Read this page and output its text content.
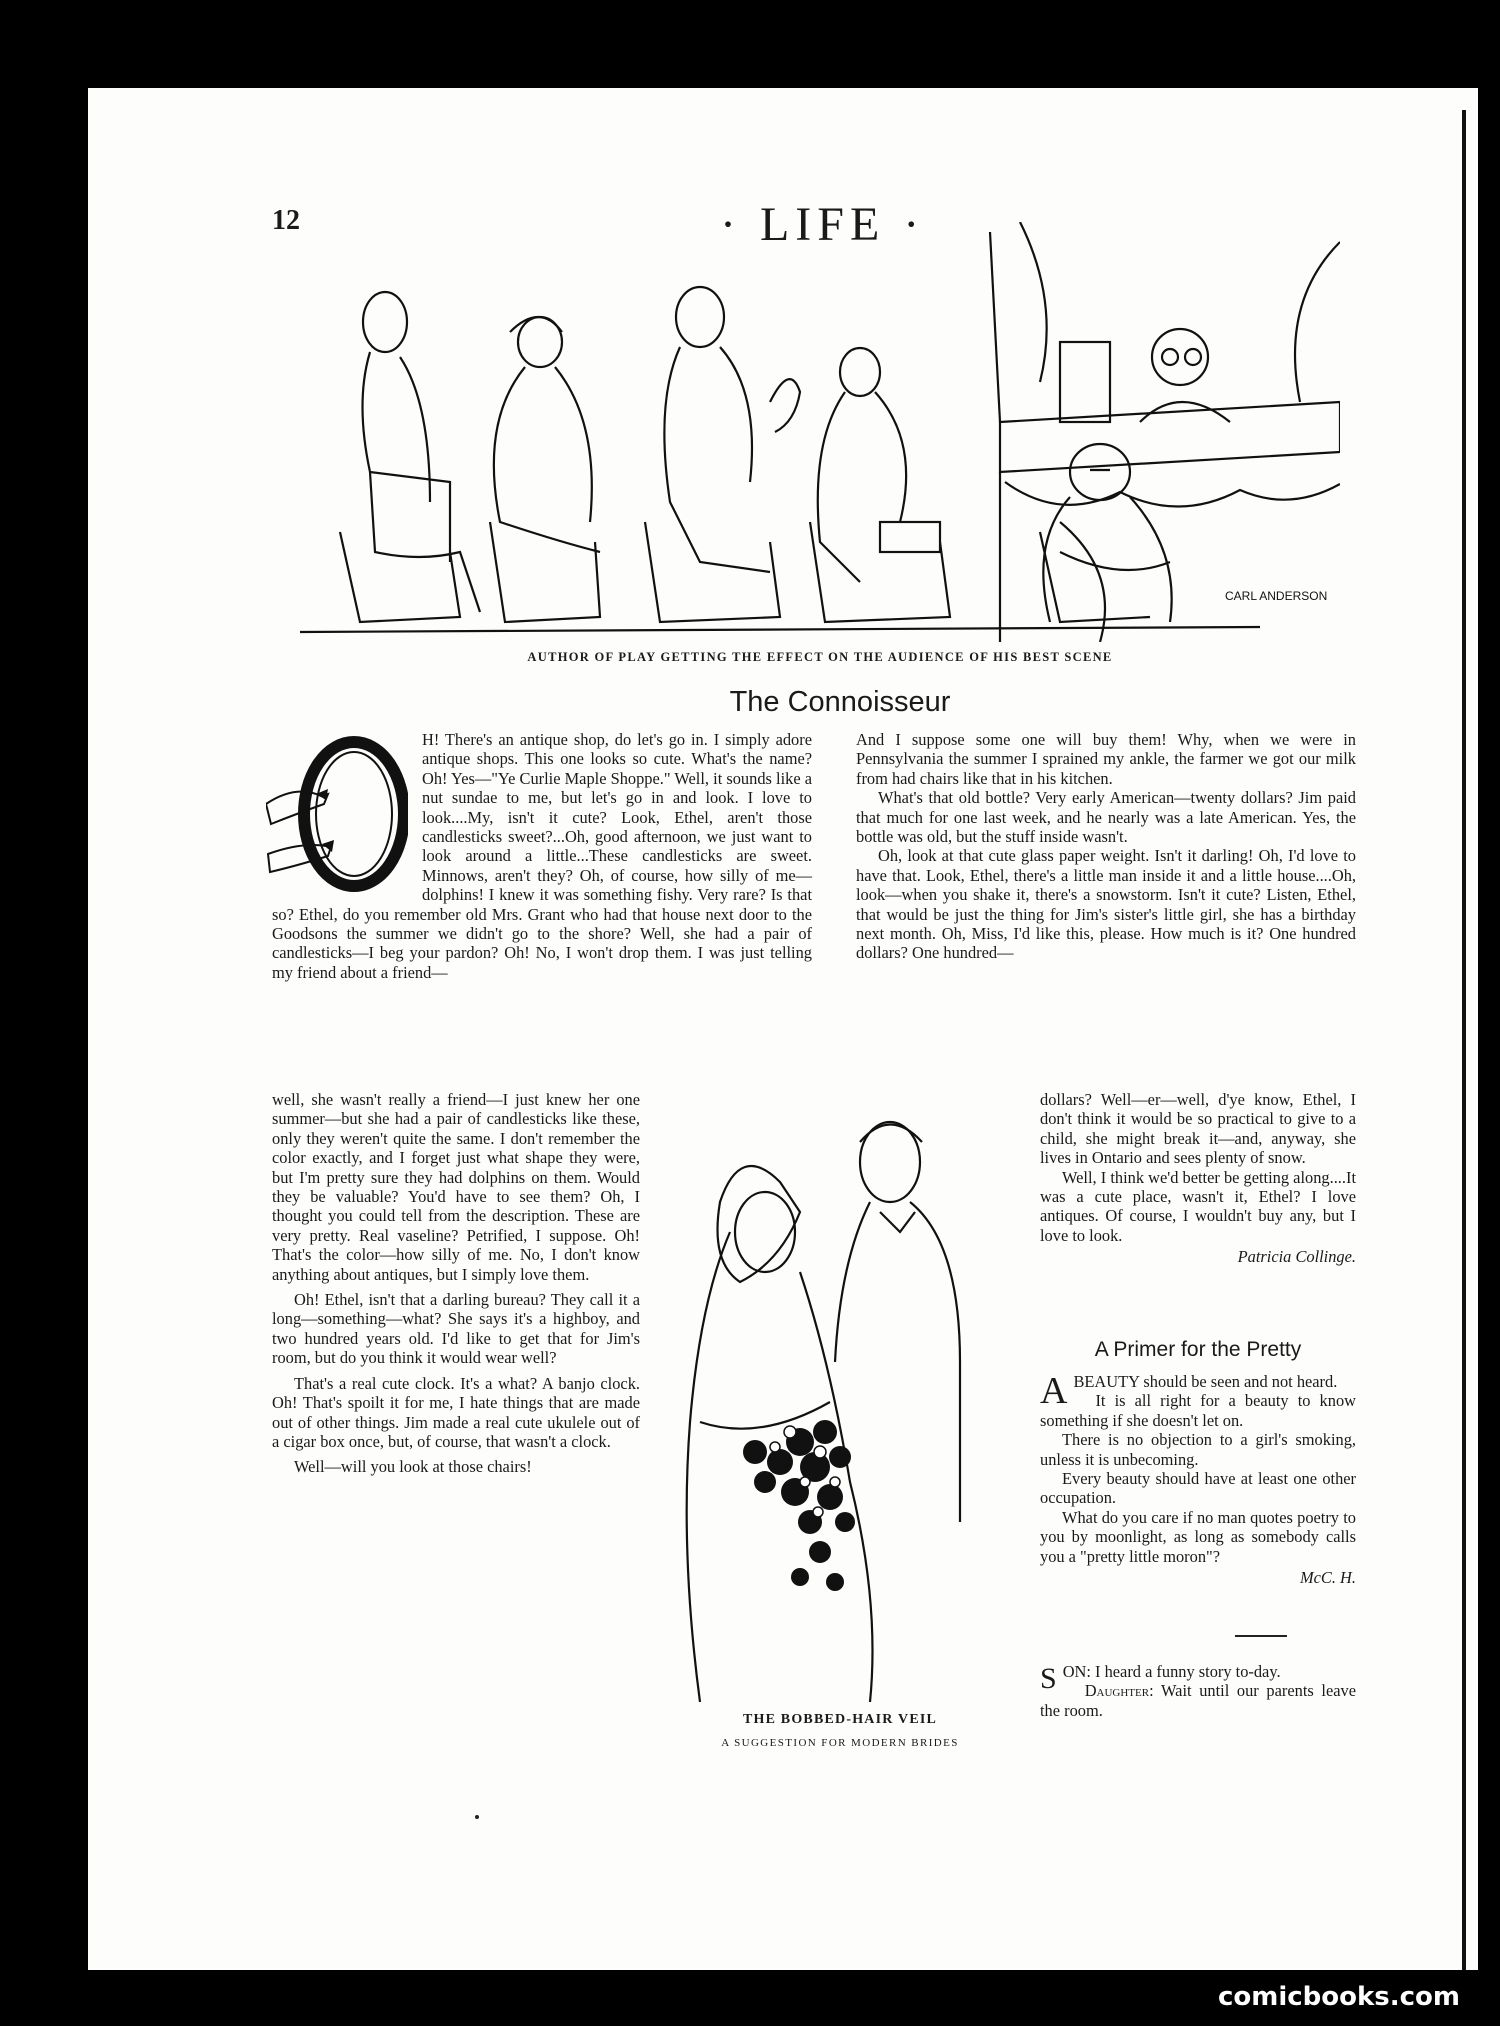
12	· LIFE ·
CARL ANDERSON
AUTHOR OF PLAY GETTING THE EFFECT ON THE AUDIENCE OF HIS BEST SCENE
The Connoisseur

H! There's an antique shop, do let's go in. I simply adore antique shops. This one looks so cute. What's the name? Oh! Yes—"Ye Curlie Maple Shoppe." Well, it sounds like a nut sundae to me, but let's go in and look. I love to look....My, isn't it cute? Look, Ethel, aren't those candlesticks sweet?...Oh, good afternoon, we just want to look around a little...These candlesticks are sweet. Minnows, aren't they? Oh, of course, how silly of me—dolphins! I knew it was something fishy. Very rare? Is that so? Ethel, do you remember old Mrs. Grant who had that house next door to the Goodsons the summer we didn't go to the shore? Well, she had a pair of candlesticks—I beg your pardon? Oh! No, I won't drop them. I was just telling my friend about a friend—

And I suppose some one will buy them! Why, when we were in Pennsylvania the summer I sprained my ankle, the farmer we got our milk from had chairs like that in his kitchen.

What's that old bottle? Very early American—twenty dollars? Jim paid that much for one last week, and he nearly was a late American. Yes, the bottle was old, but the stuff inside wasn't.

Oh, look at that cute glass paper weight. Isn't it darling! Oh, I'd love to have that. Look, Ethel, there's a little man inside it and a little house....Oh, look—when you shake it, there's a snowstorm. Isn't it cute? Listen, Ethel, that would be just the thing for Jim's sister's little girl, she has a birthday next month. Oh, Miss, I'd like this, please. How much is it? One hundred dollars? One hundred—

well, she wasn't really a friend—I just knew her one summer—but she had a pair of candlesticks like these, only they weren't quite the same. I don't remember the color exactly, and I forget just what shape they were, but I'm pretty sure they had dolphins on them. Would they be valuable? You'd have to see them? Oh, I thought you could tell from the description. These are very pretty. Real vaseline? Petrified, I suppose. Oh! That's the color—how silly of me. No, I don't know anything about antiques, but I simply love them.

Oh! Ethel, isn't that a darling bureau? They call it a long—something—what? She says it's a highboy, and two hundred years old. I'd like to get that for Jim's room, but do you think it would wear well?

That's a real cute clock. It's a what? A banjo clock. Oh! That's spoilt it for me, I hate things that are made out of other things. Jim made a real cute ukulele out of a cigar box once, but, of course, that wasn't a clock.

Well—will you look at those chairs!

THE BOBBED-HAIR VEIL
A SUGGESTION FOR MODERN BRIDES

dollars? Well—er—well, d'ye know, Ethel, I don't think it would be so practical to give to a child, she might break it—and, anyway, she lives in Ontario and sees plenty of snow.

Well, I think we'd better be getting along....It was a cute place, wasn't it, Ethel? I love antiques. Of course, I wouldn't buy any, but I love to look.

Patricia Collinge.
A Primer for the Pretty
A BEAUTY should be seen and not heard.

It is all right for a beauty to know something if she doesn't let on.

There is no objection to a girl's smoking, unless it is unbecoming.

Every beauty should have at least one other occupation.

What do you care if no man quotes poetry to you by moonlight, as long as somebody calls you a "pretty little moron"?

McC. H.
S ON: I heard a funny story to-day.

Daughter: Wait until our parents leave the room.

comicbooks.com
